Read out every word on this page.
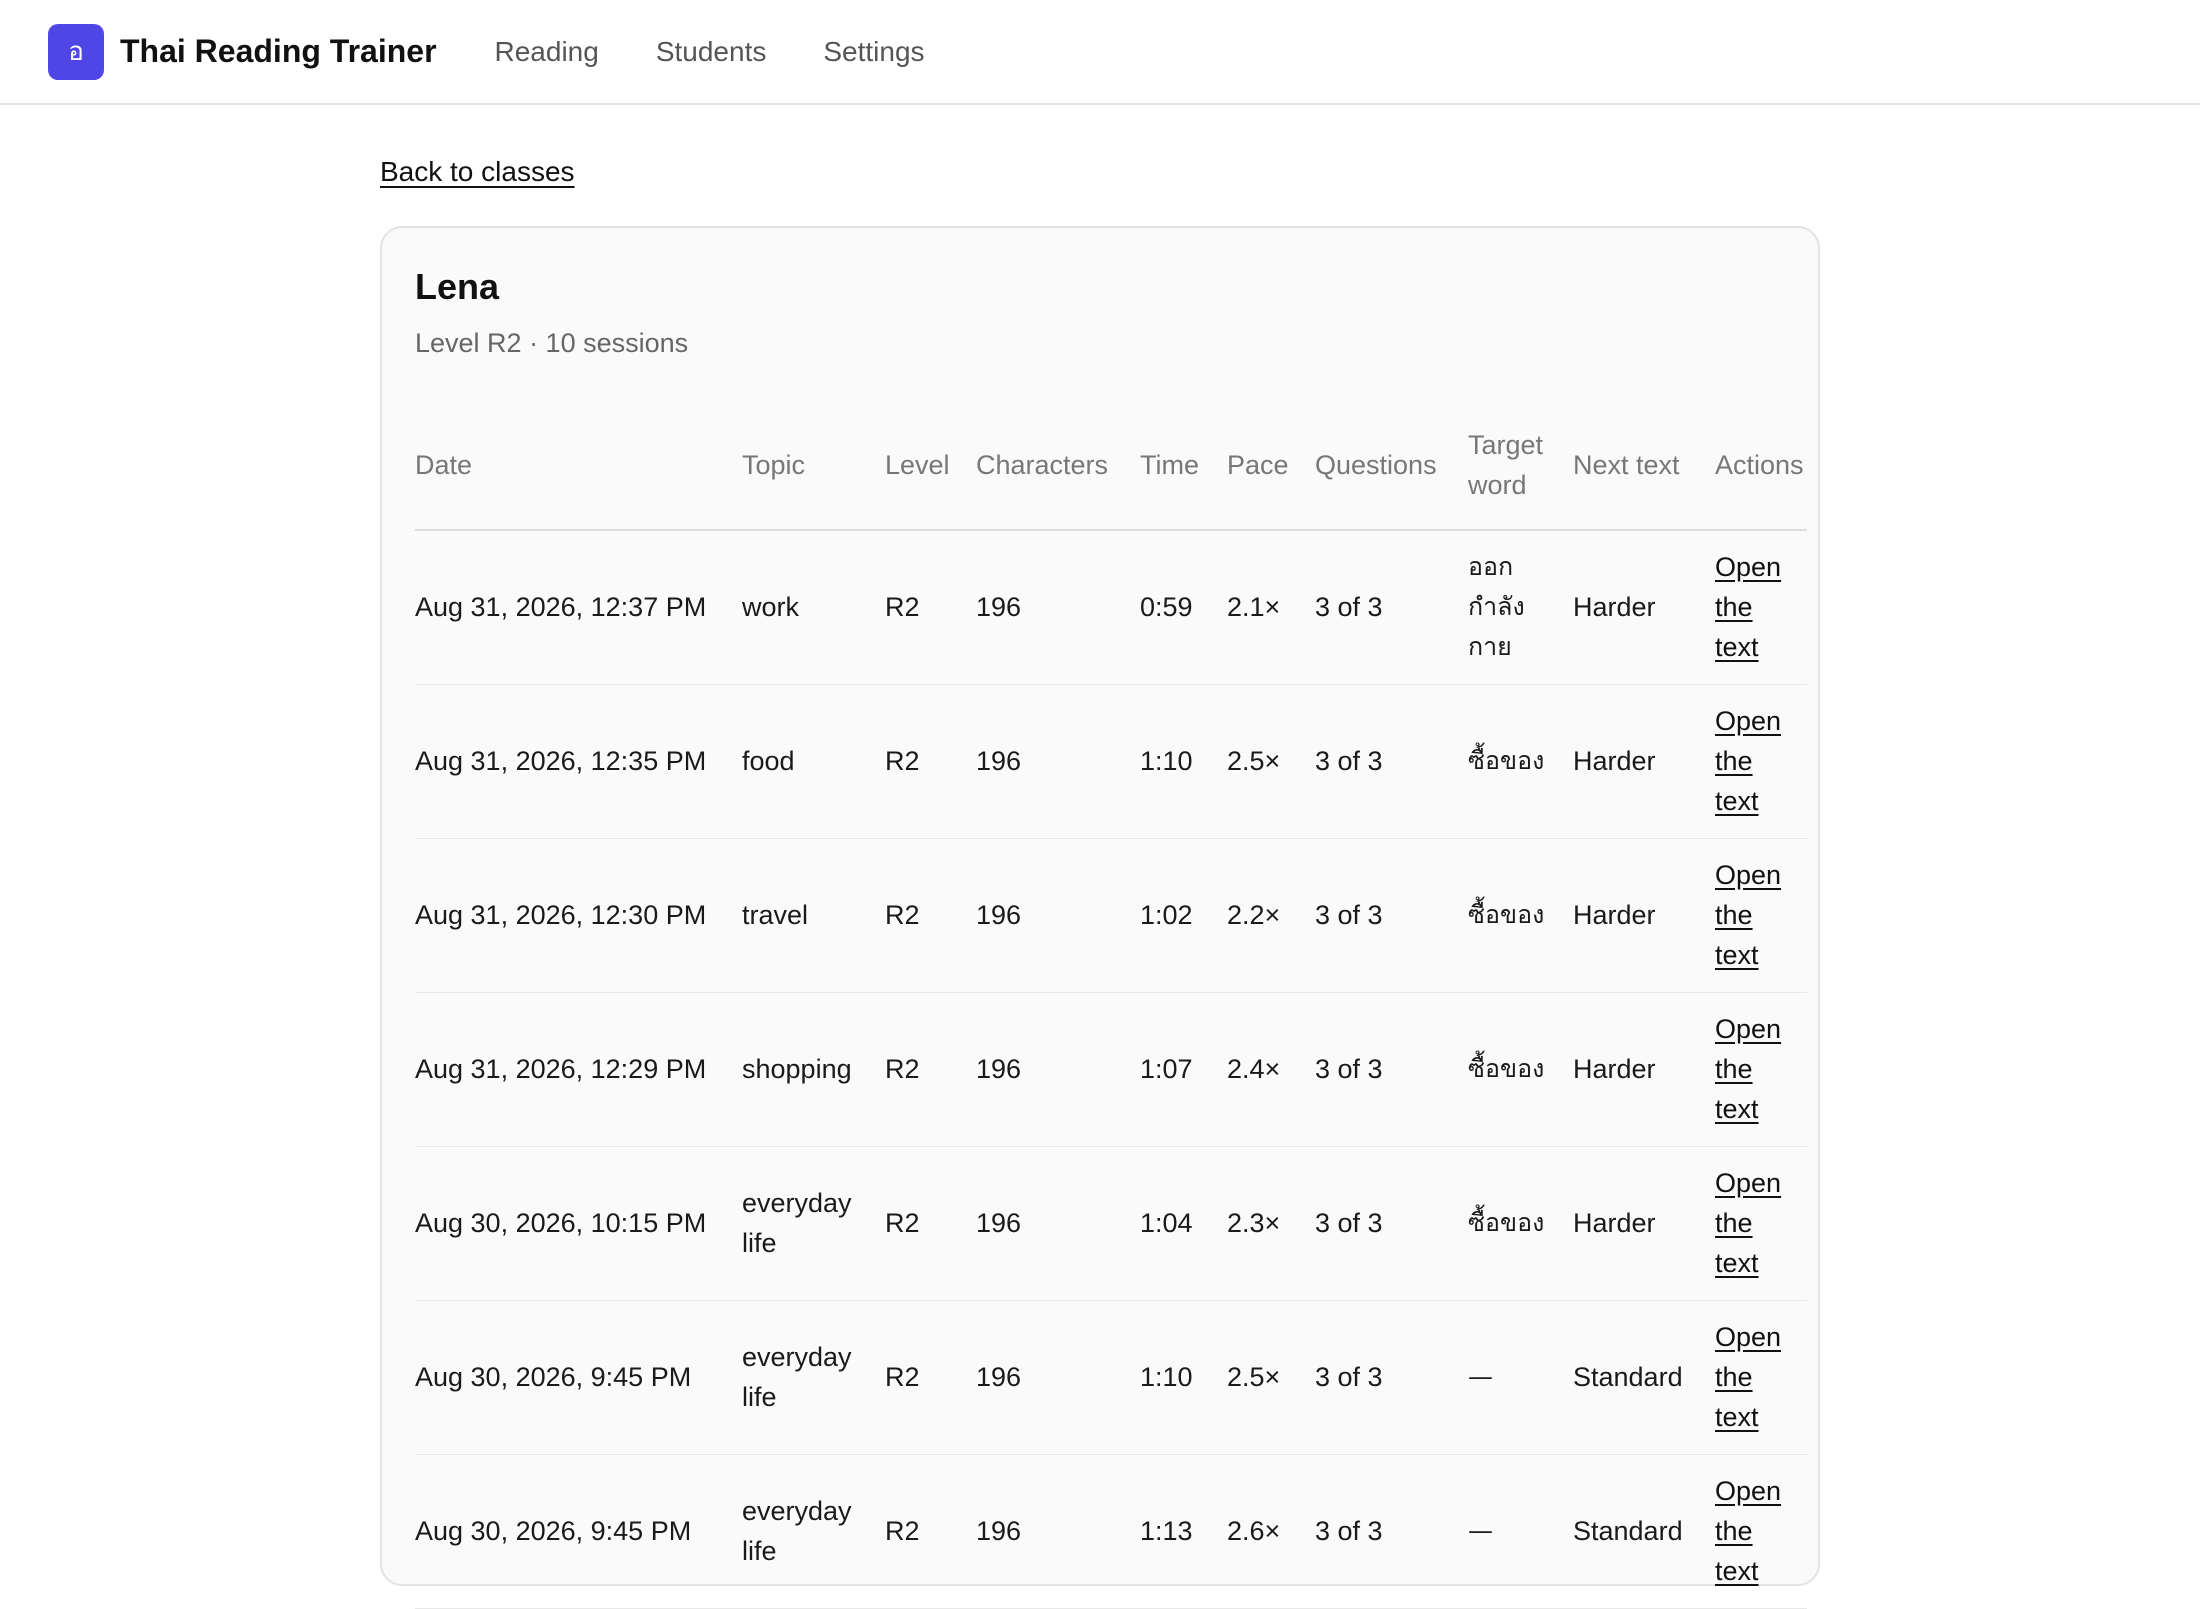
อ Thai Reading Trainer Reading Students Settings
Back to classes
Lena
Level R2 · 10 sessions
Date	Topic	Level	Characters	Time	Pace	Questions	Target word	Next text	Actions
Aug 31, 2026, 12:37 PM	work	R2	196	0:59	2.1×	3 of 3	ออกกำลังกาย	Harder	Open the text
Aug 31, 2026, 12:35 PM	food	R2	196	1:10	2.5×	3 of 3	ซื้อของ	Harder	Open the text
Aug 31, 2026, 12:30 PM	travel	R2	196	1:02	2.2×	3 of 3	ซื้อของ	Harder	Open the text
Aug 31, 2026, 12:29 PM	shopping	R2	196	1:07	2.4×	3 of 3	ซื้อของ	Harder	Open the text
Aug 30, 2026, 10:15 PM	everyday life	R2	196	1:04	2.3×	3 of 3	ซื้อของ	Harder	Open the text
Aug 30, 2026, 9:45 PM	everyday life	R2	196	1:10	2.5×	3 of 3	—	Standard	Open the text
Aug 30, 2026, 9:45 PM	everyday life	R2	196	1:13	2.6×	3 of 3	—	Standard	Open the text
